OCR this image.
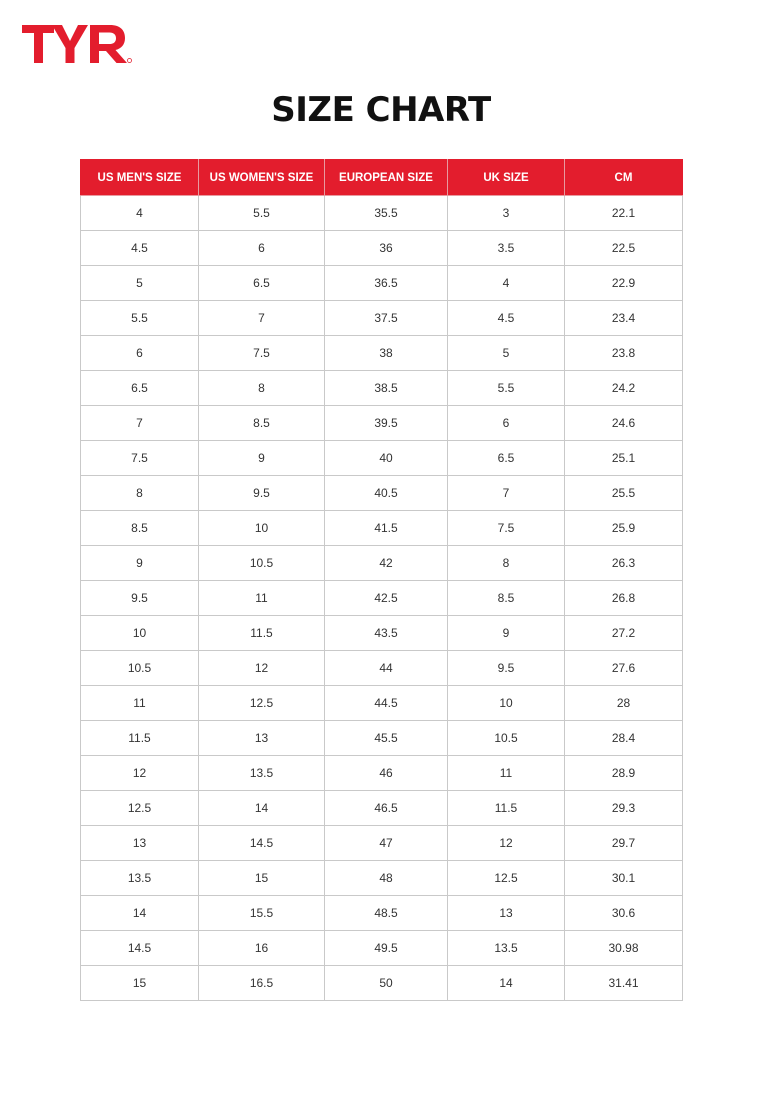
SIZE CHART
US MEN'S SIZE	US WOMEN'S SIZE	EUROPEAN SIZE	UK SIZE	CM
4	5.5	35.5	3	22.1
4.5	6	36	3.5	22.5
5	6.5	36.5	4	22.9
5.5	7	37.5	4.5	23.4
6	7.5	38	5	23.8
6.5	8	38.5	5.5	24.2
7	8.5	39.5	6	24.6
7.5	9	40	6.5	25.1
8	9.5	40.5	7	25.5
8.5	10	41.5	7.5	25.9
9	10.5	42	8	26.3
9.5	11	42.5	8.5	26.8
10	11.5	43.5	9	27.2
10.5	12	44	9.5	27.6
11	12.5	44.5	10	28
11.5	13	45.5	10.5	28.4
12	13.5	46	11	28.9
12.5	14	46.5	11.5	29.3
13	14.5	47	12	29.7
13.5	15	48	12.5	30.1
14	15.5	48.5	13	30.6
14.5	16	49.5	13.5	30.98
15	16.5	50	14	31.41
